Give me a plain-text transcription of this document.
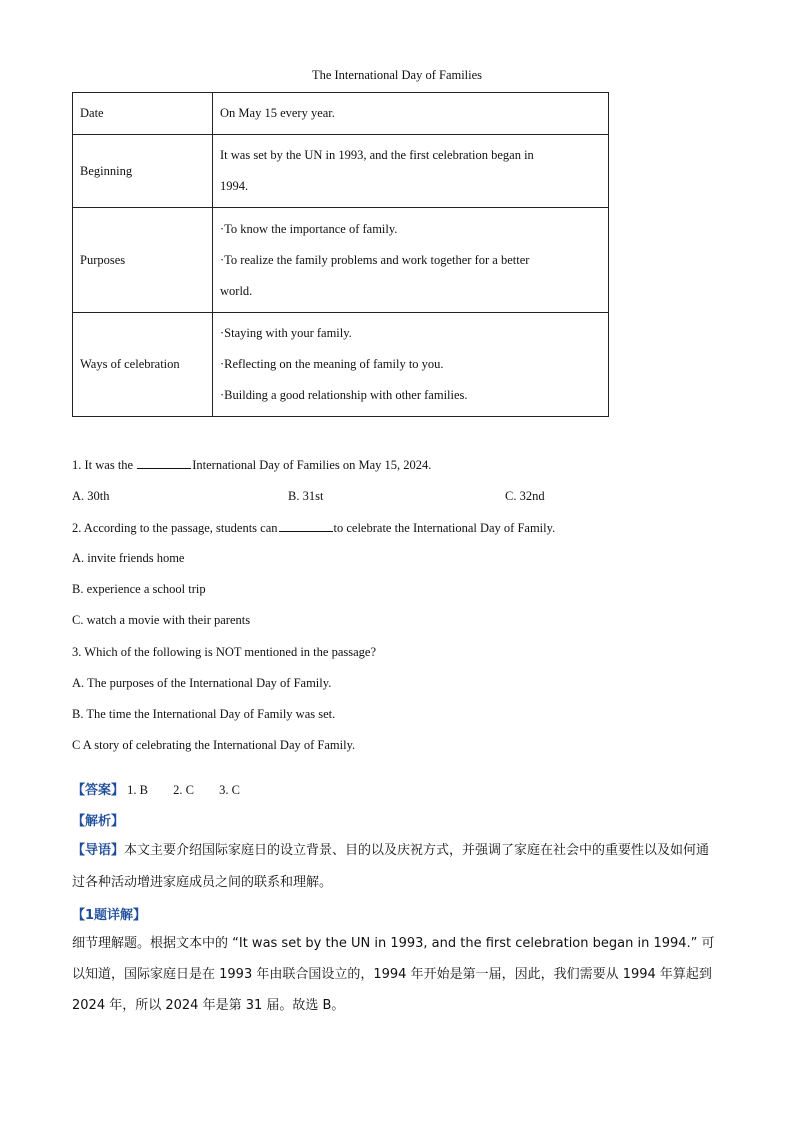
The International Day of Families
Date	On May 15 every year.

Beginning	It was set by the UN in 1993, and the first celebration began in
1994.

Purposes	·To know the importance of family.
·To realize the family problems and work together for a better
world.

Ways of celebration	·Staying with your family.
·Reflecting on the meaning of family to you.
·Building a good relationship with other families.
1. It was the	International Day of Families on May 15, 2024.
A. 30th	B. 31st	C. 32nd
2. According to the passage, students can	to celebrate the International Day of Family.
A. invite friends home
B. experience a school trip
C. watch a movie with their parents
3. Which of the following is NOT mentioned in the passage?
A. The purposes of the International Day of Family.
B. The time the International Day of Family was set.
C A story of celebrating the International Day of Family.
【答案】 1. B 2. C 3. C
【解析】
【导语】本文主要介绍国际家庭日的设立背景、目的以及庆祝方式，并强调了家庭在社会中的重要性以及如何通过各种活动增进家庭成员之间的联系和理解。
【1题详解】
细节理解题。根据文本中的 “It was set by the UN in 1993, and the first celebration began in 1994.” 可以知道，国际家庭日是在 1993 年由联合国设立的，1994 年开始是第一届，因此，我们需要从 1994 年算起到 2024 年，所以 2024 年是第 31 届。故选 B。
